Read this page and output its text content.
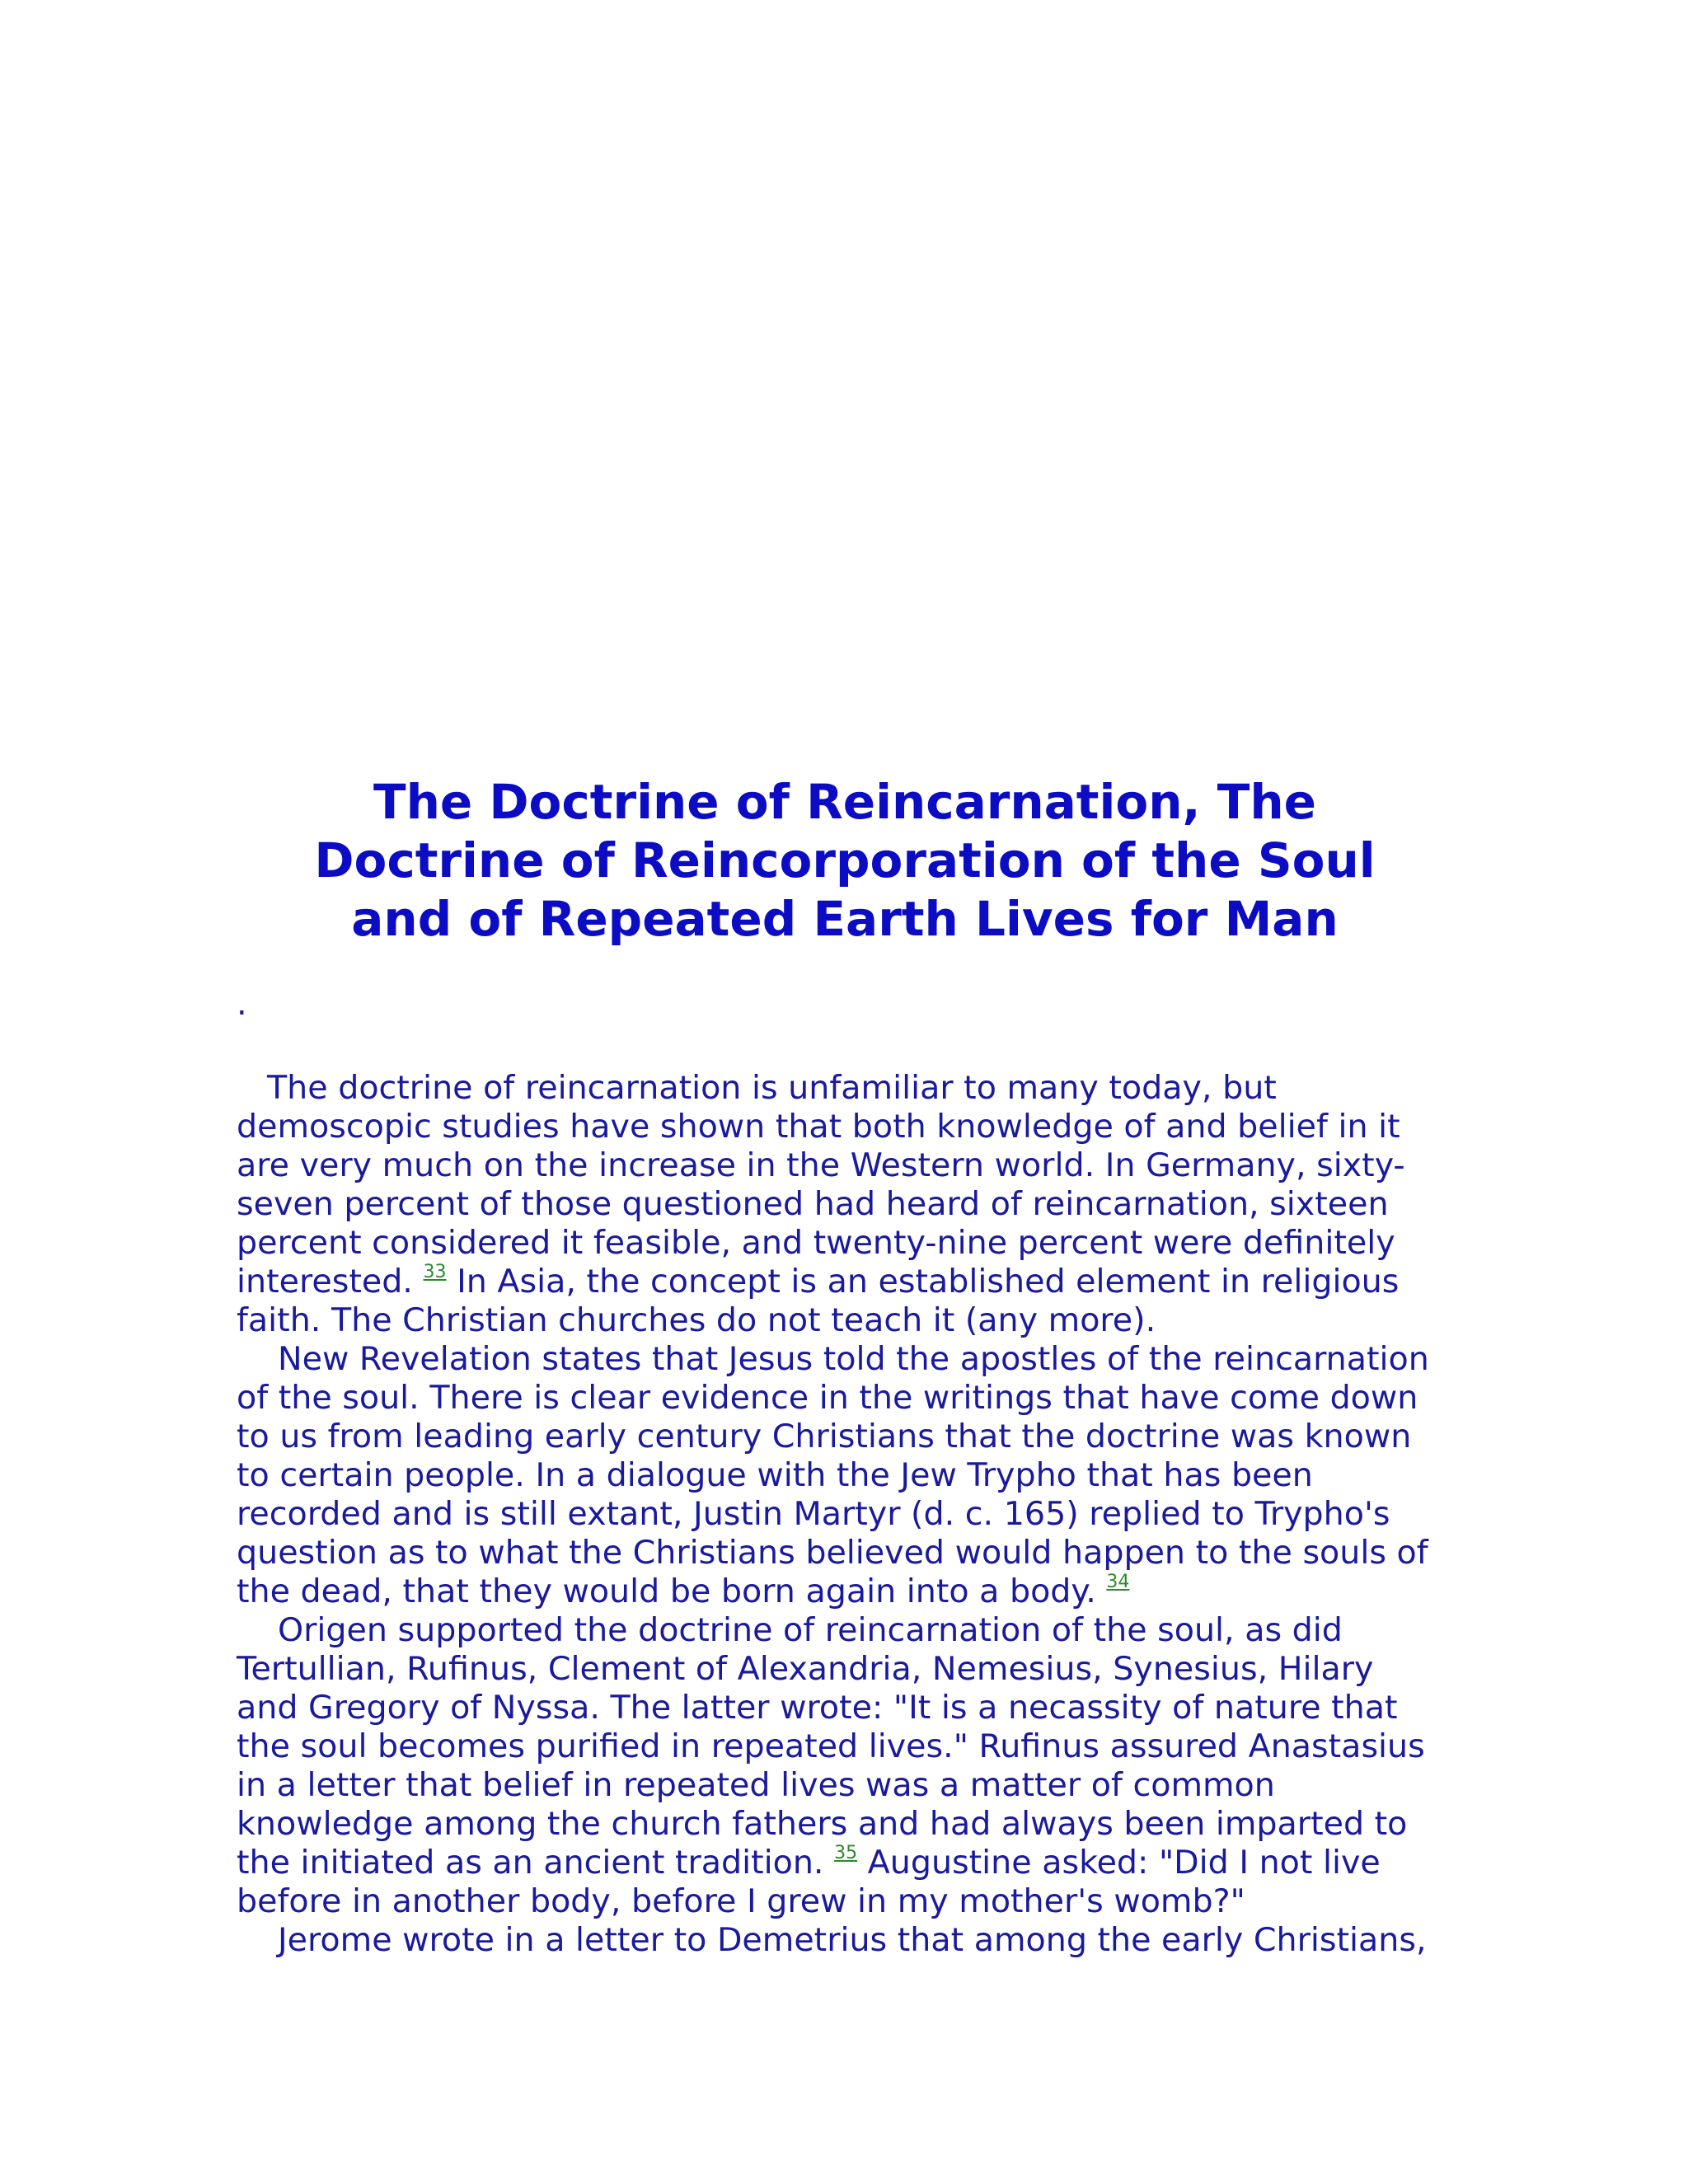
The Doctrine of Reincarnation, The
Doctrine of Reincorporation of the Soul
and of Repeated Earth Lives for Man
.
The doctrine of reincarnation is unfamiliar to many today, but
demoscopic studies have shown that both knowledge of and belief in it
are very much on the increase in the Western world. In Germany, sixty-
seven percent of those questioned had heard of reincarnation, sixteen
percent considered it feasible, and twenty-nine percent were definitely
interested. $^{33}$ In Asia, the concept is an established element in religious
faith. The Christian churches do not teach it (any more).
New Revelation states that Jesus told the apostles of the reincarnation
of the soul. There is clear evidence in the writings that have come down
to us from leading early century Christians that the doctrine was known
to certain people. In a dialogue with the Jew Trypho that has been
recorded and is still extant, Justin Martyr (d. c. 165) replied to Trypho's
question as to what the Christians believed would happen to the souls of
the dead, that they would be born again into a body. $^{34}$
Origen supported the doctrine of reincarnation of the soul, as did
Tertullian, Rufinus, Clement of Alexandria, Nemesius, Synesius, Hilary
and Gregory of Nyssa. The latter wrote: "It is a necassity of nature that
the soul becomes purified in repeated lives." Rufinus assured Anastasius
in a letter that belief in repeated lives was a matter of common
knowledge among the church fathers and had always been imparted to
the initiated as an ancient tradition. $^{35}$ Augustine asked: "Did I not live
before in another body, before I grew in my mother's womb?"
Jerome wrote in a letter to Demetrius that among the early Christians,
